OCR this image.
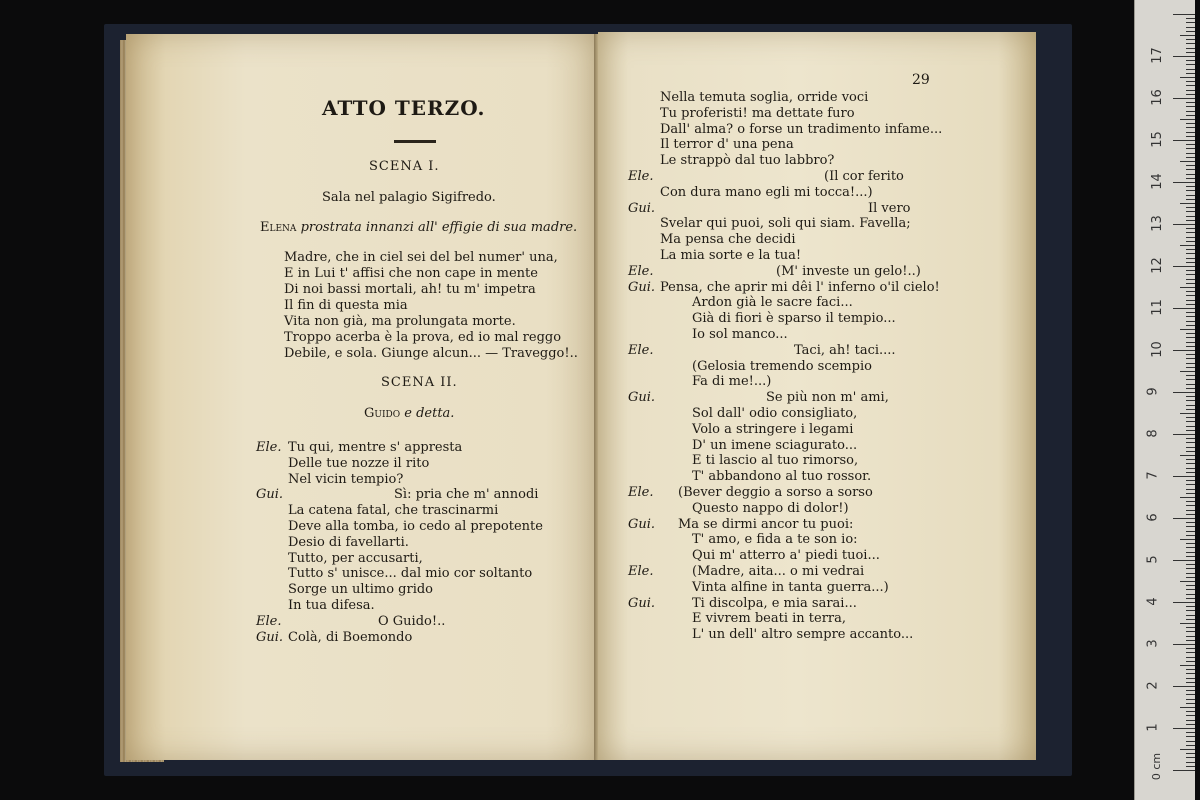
ATTO TERZO.
SCENA I.
Sala nel palagio Sigifredo.
Elena prostrata innanzi all' effigie di sua madre.
Madre, che in ciel sei del bel numer' una,
E in Lui t' affisi che non cape in mente
Di noi bassi mortali, ah! tu m' impetra
Il fin di questa mia
Vita non già, ma prolungata morte.
Troppo acerba è la prova, ed io mal reggo
Debile, e sola. Giunge alcun... — Traveggo!..
SCENA II.
Guido e detta.
Ele. Tu qui, mentre s' appresta
Delle tue nozze il rito
Nel vicin tempio?
Gui.	Sì: pria che m' annodi
La catena fatal, che trascinarmi
Deve alla tomba, io cedo al prepotente
Desio di favellarti.
Tutto, per accusarti,
Tutto s' unisce... dal mio cor soltanto
Sorge un ultimo grido
In tua difesa.
Ele.	O Guido!..
Gui. Colà, di Boemondo
29
Nella temuta soglia, orride voci
Tu proferisti! ma dettate furo
Dall' alma? o forse un tradimento infame...
Il terror d' una pena
Le strappò dal tuo labbro?
Ele.	(Il cor ferito
Con dura mano egli mi tocca!...)
Gui.	Il vero
Svelar qui puoi, soli qui siam. Favella;
Ma pensa che decidi
La mia sorte e la tua!
Ele.	(M' investe un gelo!..)
Gui. Pensa, che aprir mi dêi l' inferno o'il cielo!
Ardon già le sacre faci...
Già di fiori è sparso il tempio...
Io sol manco...
Ele.	Taci, ah! taci....
(Gelosia tremendo scempio
Fa di me!...)
Gui.	Se più non m' ami,
Sol dall' odio consigliato,
Volo a stringere i legami
D' un imene sciagurato...
E ti lascio al tuo rimorso,
T' abbandono al tuo rossor.
Ele. (Bever deggio a sorso a sorso
Questo nappo di dolor!)
Gui. Ma se dirmi ancor tu puoi:
T' amo, e fida a te son io:
Qui m' atterro a' piedi tuoi...
Ele.	(Madre, aita... o mi vedrai
Vinta alfine in tanta guerra...)
Gui.	Ti discolpa, e mia sarai...
E vivrem beati in terra,
L' un dell' altro sempre accanto...
0 cm
1
2
3
4
5
6
7
8
9
10
11
12
13
14
15
16
17
